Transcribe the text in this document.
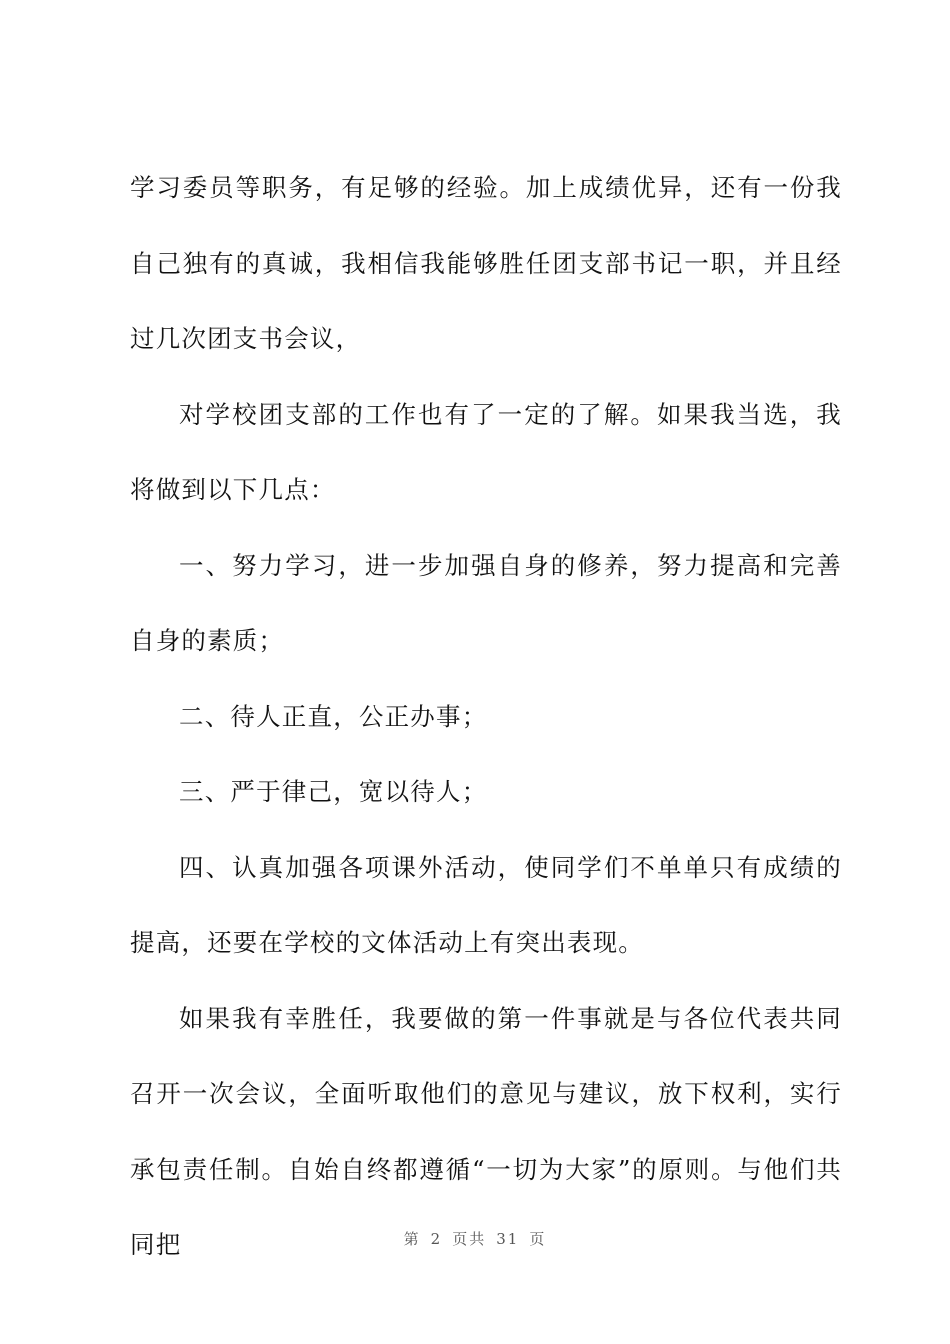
学习委员等职务，有足够的经验。加上成绩优异，还有一份我自己独有的真诚，我相信我能够胜任团支部书记一职，并且经过几次团支书会议，

对学校团支部的工作也有了一定的了解。如果我当选，我将做到以下几点：

一、努力学习，进一步加强自身的修养，努力提高和完善自身的素质；

二、待人正直，公正办事；

三、严于律己，宽以待人；

四、认真加强各项课外活动，使同学们不单单只有成绩的提高，还要在学校的文体活动上有突出表现。

如果我有幸胜任，我要做的第一件事就是与各位代表共同召开一次会议，全面听取他们的意见与建议，放下权利，实行承包责任制。自始自终都遵循“一切为大家”的原则。与他们共同把	第 2 页共 31 页
